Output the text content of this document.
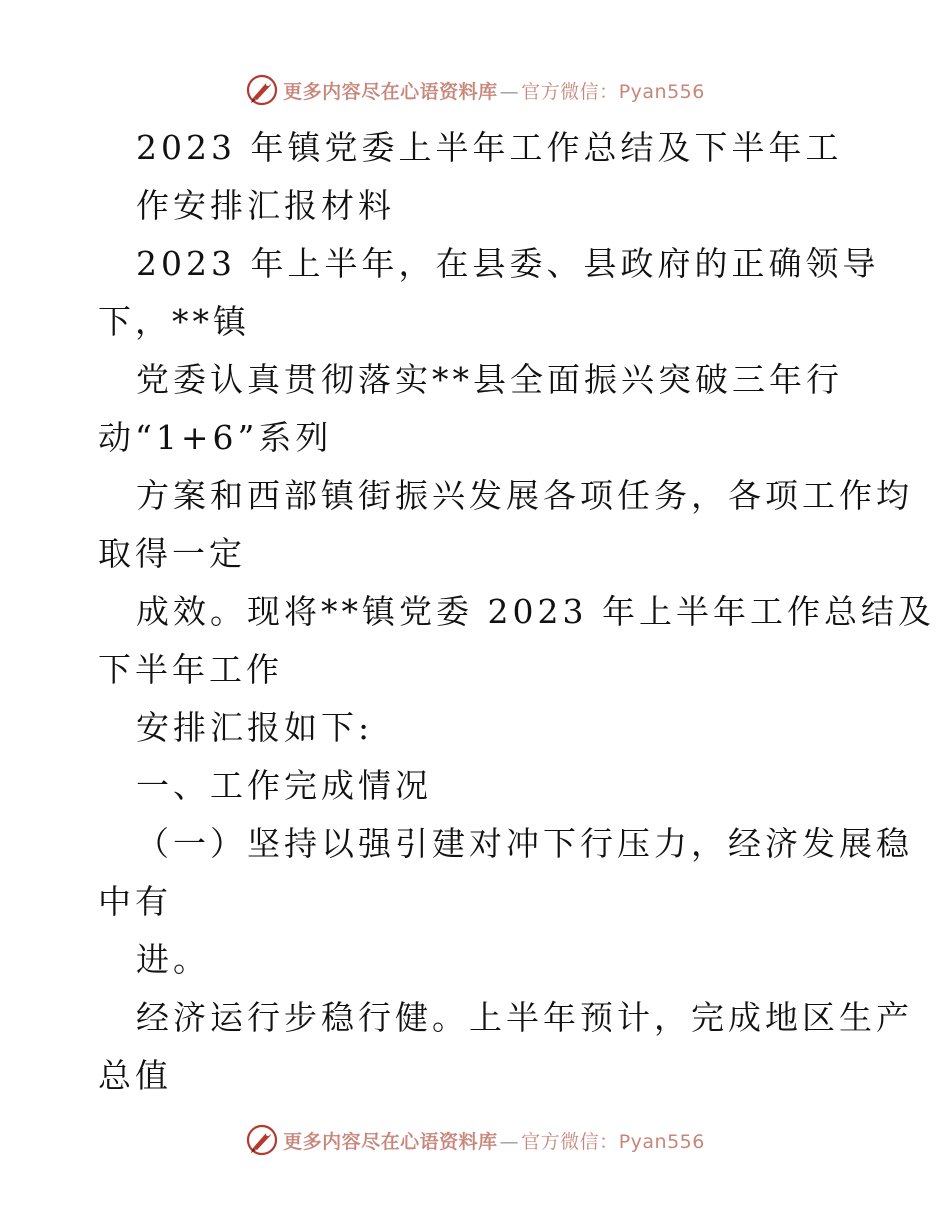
更多内容尽在心语资料库 — 官方微信：Pyan556
2023 年镇党委上半年工作总结及下半年工
作安排汇报材料
2023 年上半年，在县委、县政府的正确领导
下，**镇
党委认真贯彻落实**县全面振兴突破三年行
动“1+6”系列
方案和西部镇街振兴发展各项任务，各项工作均
取得一定
成效。现将**镇党委 2023 年上半年工作总结及
下半年工作
安排汇报如下:
一、工作完成情况
（一）坚持以强引建对冲下行压力，经济发展稳
中有
进。
经济运行步稳行健。上半年预计，完成地区生产
总值
更多内容尽在心语资料库 — 官方微信：Pyan556
